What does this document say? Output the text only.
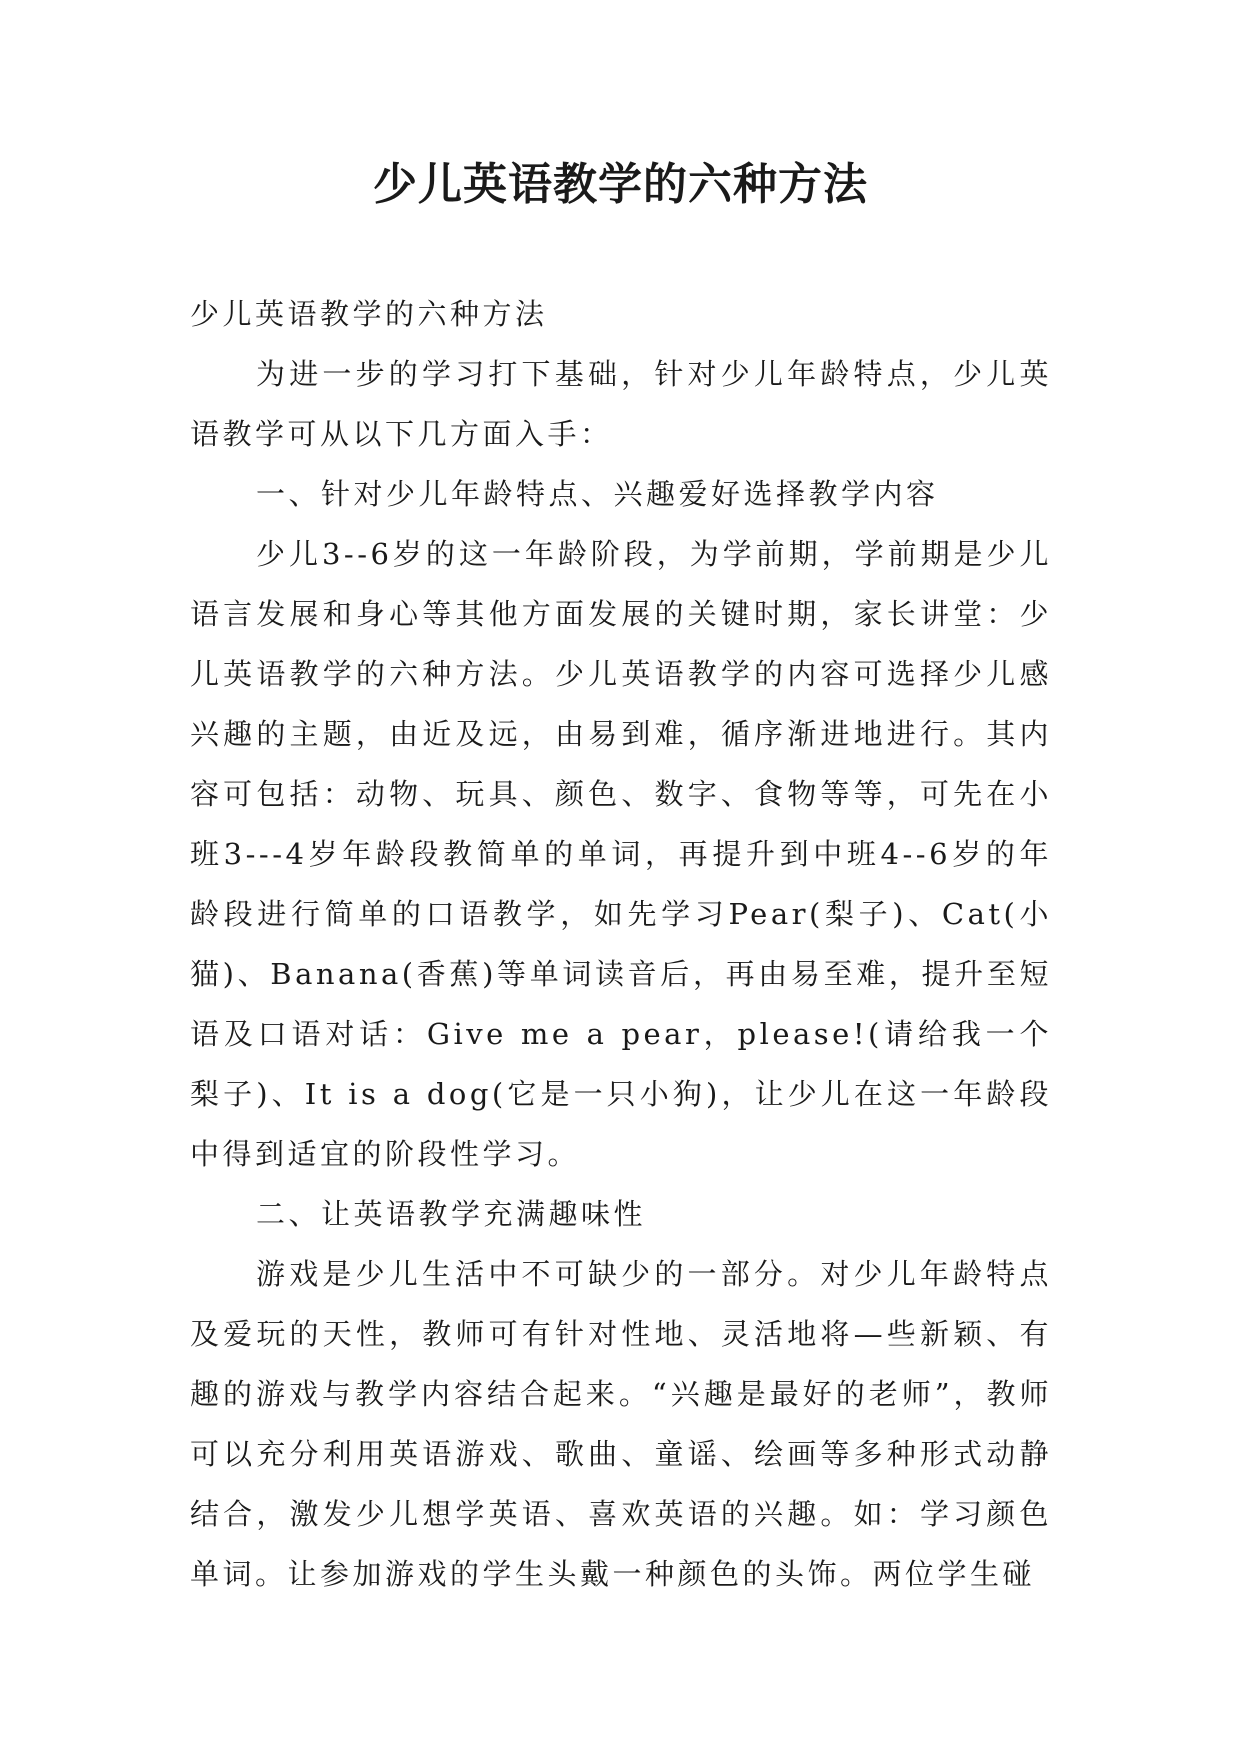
少儿英语教学的六种方法

少儿英语教学的六种方法

为进一步的学习打下基础，针对少儿年龄特点，少儿英语教学可从以下几方面入手：

一、针对少儿年龄特点、兴趣爱好选择教学内容

少儿3--6岁的这一年龄阶段，为学前期，学前期是少儿语言发展和身心等其他方面发展的关键时期，家长讲堂：少儿英语教学的六种方法。少儿英语教学的内容可选择少儿感兴趣的主题，由近及远，由易到难，循序渐进地进行。其内容可包括：动物、玩具、颜色、数字、食物等等，可先在小班3---4岁年龄段教简单的单词，再提升到中班4--6岁的年龄段进行简单的口语教学，如先学习Pear(梨子)、Cat(小猫)、Banana(香蕉)等单词读音后，再由易至难，提升至短语及口语对话：Give me a pear，please!(请给我一个梨子)、It is a dog(它是一只小狗)，让少儿在这一年龄段中得到适宜的阶段性学习。

二、让英语教学充满趣味性

游戏是少儿生活中不可缺少的一部分。对少儿年龄特点及爱玩的天性，教师可有针对性地、灵活地将—些新颖、有趣的游戏与教学内容结合起来。“兴趣是最好的老师”，教师可以充分利用英语游戏、歌曲、童谣、绘画等多种形式动静结合，激发少儿想学英语、喜欢英语的兴趣。如：学习颜色单词。让参加游戏的学生头戴一种颜色的头饰。两位学生碰
